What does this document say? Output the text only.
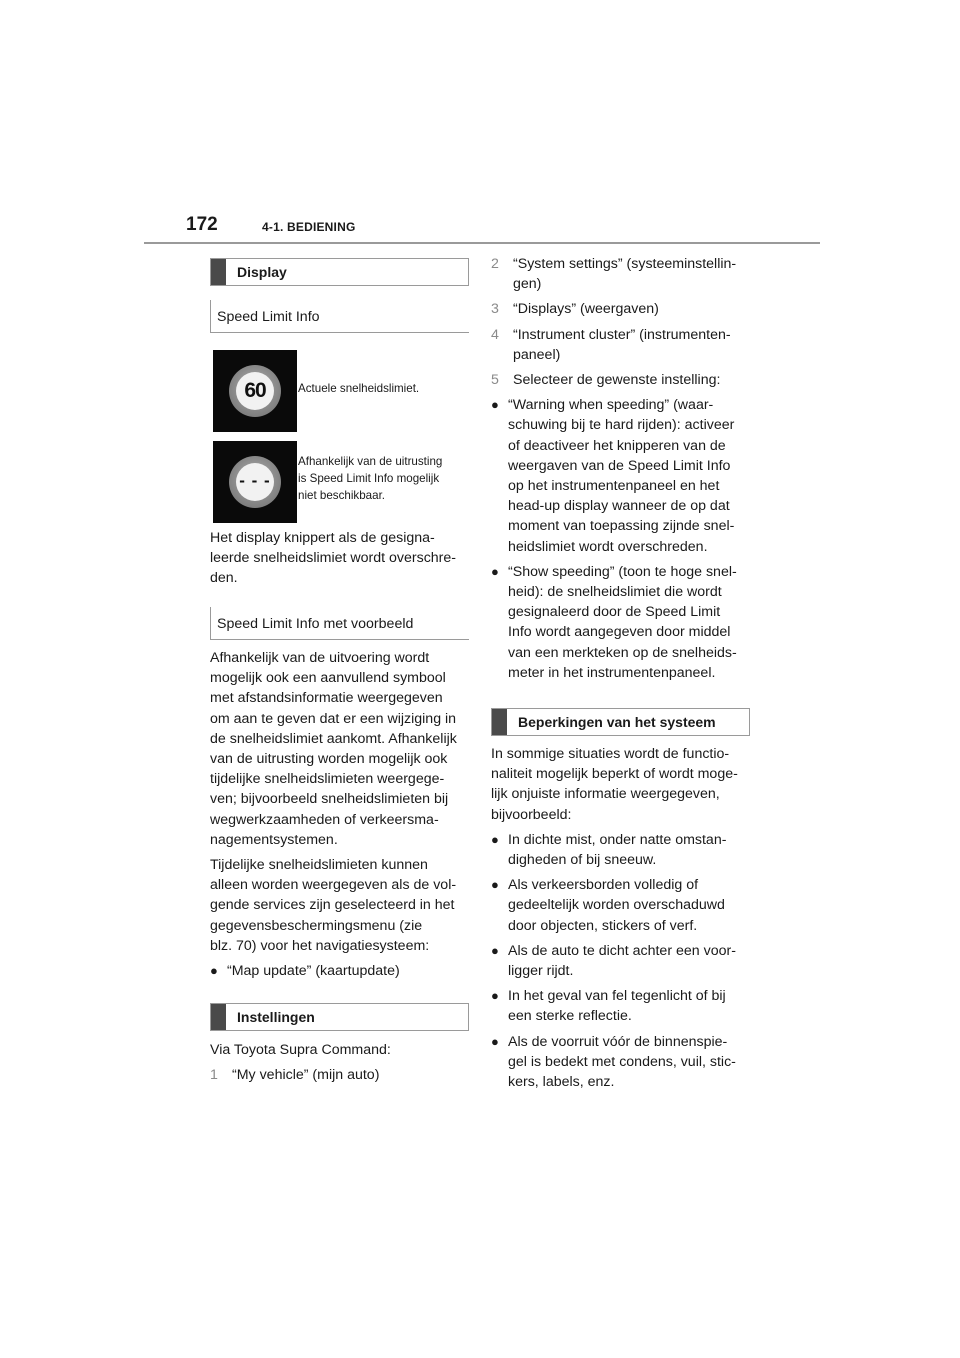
172	4-1. BEDIENING
Display
Speed Limit Info
60	Actuele snelheidslimiet.
- - -
Afhankelijk van de uitrusting
is Speed Limit Info mogelijk
niet beschikbaar.

Het display knippert als de gesigna-

leerde snelheidslimiet wordt overschre-

den.

Speed Limit Info met voorbeeld

Afhankelijk van de uitvoering wordt

mogelijk ook een aanvullend symbool

met afstandsinformatie weergegeven

om aan te geven dat er een wijziging in

de snelheidslimiet aankomt. Afhankelijk

van de uitrusting worden mogelijk ook

tijdelijke snelheidslimieten weergege-

ven; bijvoorbeeld snelheidslimieten bij

wegwerkzaamheden of verkeersma-

nagementsystemen.

Tijdelijke snelheidslimieten kunnen

alleen worden weergegeven als de vol-

gende services zijn geselecteerd in het

gegevensbeschermingsmenu (zie

blz. 70) voor het navigatiesysteem:

● “Map update” (kaartupdate)

Instellingen

Via Toyota Supra Command:

1 “My vehicle” (mijn auto)

2 “System settings” (systeeminstellin-

gen)

3 “Displays” (weergaven)

4 “Instrument cluster” (instrumenten-

paneel)

5 Selecteer de gewenste instelling:

● “Warning when speeding” (waar-

schuwing bij te hard rijden): activeer

of deactiveer het knipperen van de

weergaven van de Speed Limit Info

op het instrumentenpaneel en het

head-up display wanneer de op dat

moment van toepassing zijnde snel-

heidslimiet wordt overschreden.

● “Show speeding” (toon te hoge snel-

heid): de snelheidslimiet die wordt

gesignaleerd door de Speed Limit

Info wordt aangegeven door middel

van een merkteken op de snelheids-

meter in het instrumentenpaneel.

Beperkingen van het systeem

In sommige situaties wordt de functio-

naliteit mogelijk beperkt of wordt moge-

lijk onjuiste informatie weergegeven,

bijvoorbeeld:

● In dichte mist, onder natte omstan-

digheden of bij sneeuw.

● Als verkeersborden volledig of

gedeeltelijk worden overschaduwd

door objecten, stickers of verf.

● Als de auto te dicht achter een voor-

ligger rijdt.

● In het geval van fel tegenlicht of bij

een sterke reflectie.

● Als de voorruit vóór de binnenspie-

gel is bedekt met condens, vuil, stic-

kers, labels, enz.
